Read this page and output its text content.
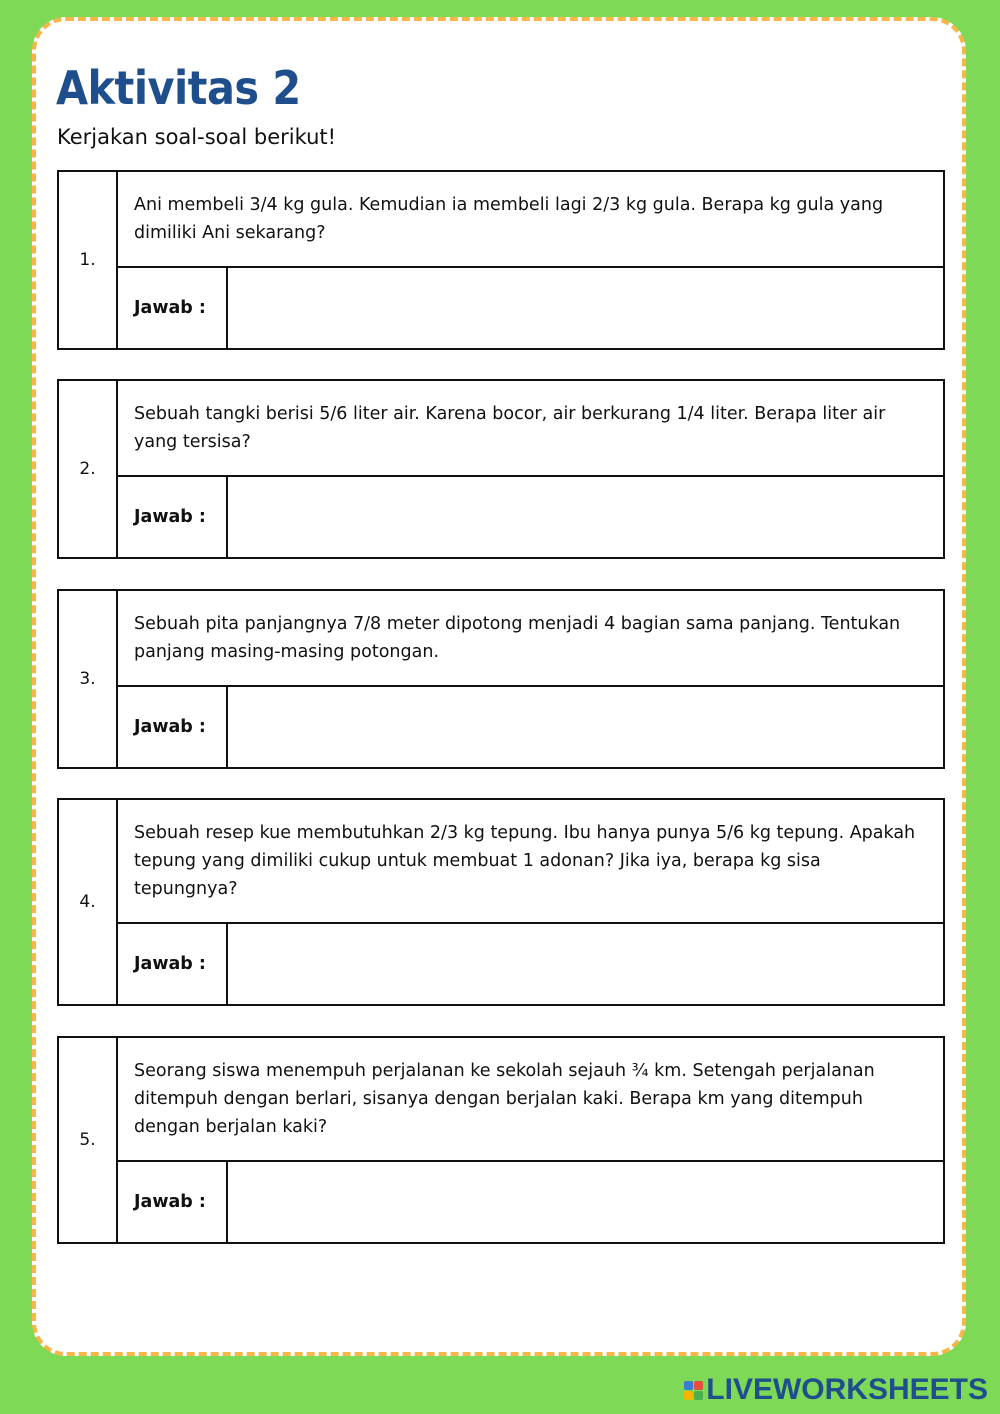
Aktivitas 2
Kerjakan soal-soal berikut!
1.	Ani membeli 3/4 kg gula. Kemudian ia membeli lagi 2/3 kg gula. Berapa kg gula yang dimiliki Ani sekarang?	
	Jawab :	
2.	Sebuah tangki berisi 5/6 liter air. Karena bocor, air berkurang 1/4 liter. Berapa liter air yang tersisa?	
	Jawab :	
3.	Sebuah pita panjangnya 7/8 meter dipotong menjadi 4 bagian sama panjang. Tentukan panjang masing-masing potongan.	
	Jawab :	
4.	Sebuah resep kue membutuhkan 2/3 kg tepung. Ibu hanya punya 5/6 kg tepung. Apakah tepung yang dimiliki cukup untuk membuat 1 adonan? Jika iya, berapa kg sisa tepungnya?	
	Jawab :	
5.	Seorang siswa menempuh perjalanan ke sekolah sejauh ¾ km. Setengah perjalanan ditempuh dengan berlari, sisanya dengan berjalan kaki. Berapa km yang ditempuh dengan berjalan kaki?	
	Jawab :	
LIVEWORKSHEETS
